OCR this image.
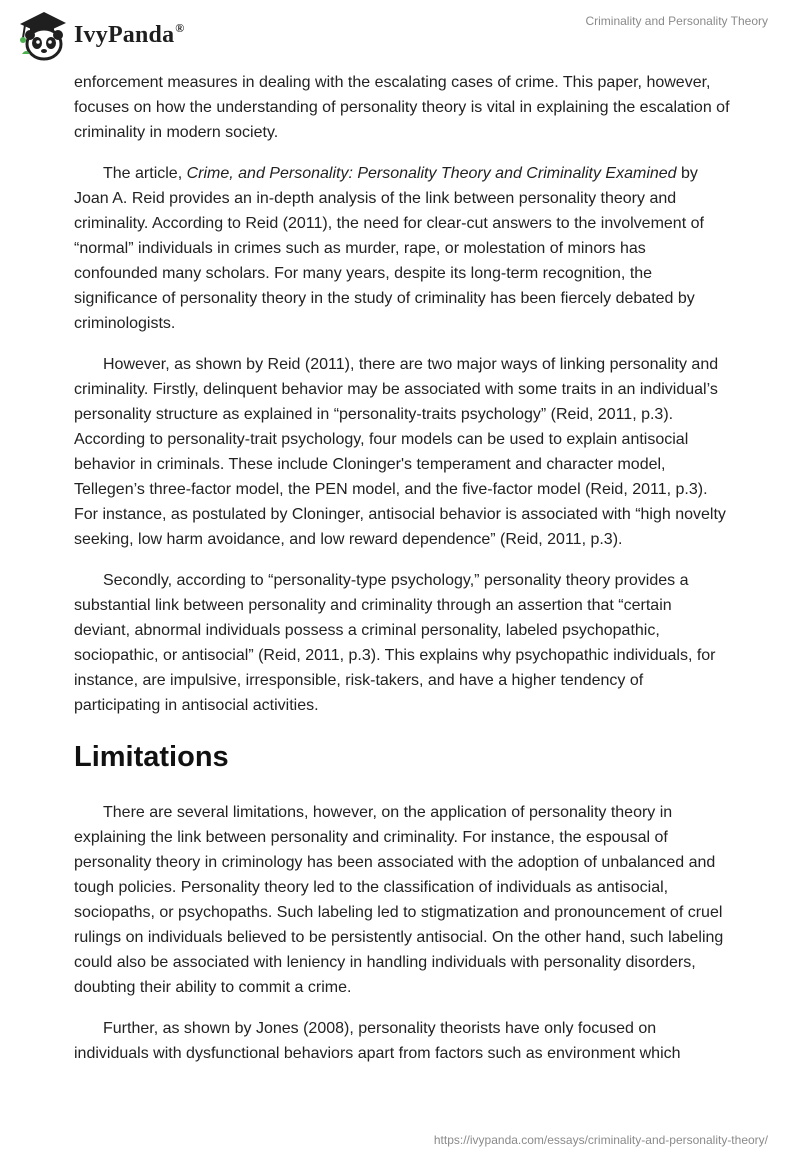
IvyPanda®	Criminality and Personality Theory

enforcement measures in dealing with the escalating cases of crime. This paper, however, focuses on how the understanding of personality theory is vital in explaining the escalation of criminality in modern society.

The article, Crime, and Personality: Personality Theory and Criminality Examined by Joan A. Reid provides an in-depth analysis of the link between personality theory and criminality. According to Reid (2011), the need for clear-cut answers to the involvement of “normal” individuals in crimes such as murder, rape, or molestation of minors has confounded many scholars. For many years, despite its long-term recognition, the significance of personality theory in the study of criminality has been fiercely debated by criminologists.

However, as shown by Reid (2011), there are two major ways of linking personality and criminality. Firstly, delinquent behavior may be associated with some traits in an individual’s personality structure as explained in “personality-traits psychology” (Reid, 2011, p.3). According to personality-trait psychology, four models can be used to explain antisocial behavior in criminals. These include Cloninger's temperament and character model, Tellegen’s three-factor model, the PEN model, and the five-factor model (Reid, 2011, p.3). For instance, as postulated by Cloninger, antisocial behavior is associated with “high novelty seeking, low harm avoidance, and low reward dependence” (Reid, 2011, p.3).

Secondly, according to “personality-type psychology,” personality theory provides a substantial link between personality and criminality through an assertion that “certain deviant, abnormal individuals possess a criminal personality, labeled psychopathic, sociopathic, or antisocial” (Reid, 2011, p.3). This explains why psychopathic individuals, for instance, are impulsive, irresponsible, risk-takers, and have a higher tendency of participating in antisocial activities.

Limitations

There are several limitations, however, on the application of personality theory in explaining the link between personality and criminality. For instance, the espousal of personality theory in criminology has been associated with the adoption of unbalanced and tough policies. Personality theory led to the classification of individuals as antisocial, sociopaths, or psychopaths. Such labeling led to stigmatization and pronouncement of cruel rulings on individuals believed to be persistently antisocial. On the other hand, such labeling could also be associated with leniency in handling individuals with personality disorders, doubting their ability to commit a crime.

Further, as shown by Jones (2008), personality theorists have only focused on individuals with dysfunctional behaviors apart from factors such as environment which

https://ivypanda.com/essays/criminality-and-personality-theory/
